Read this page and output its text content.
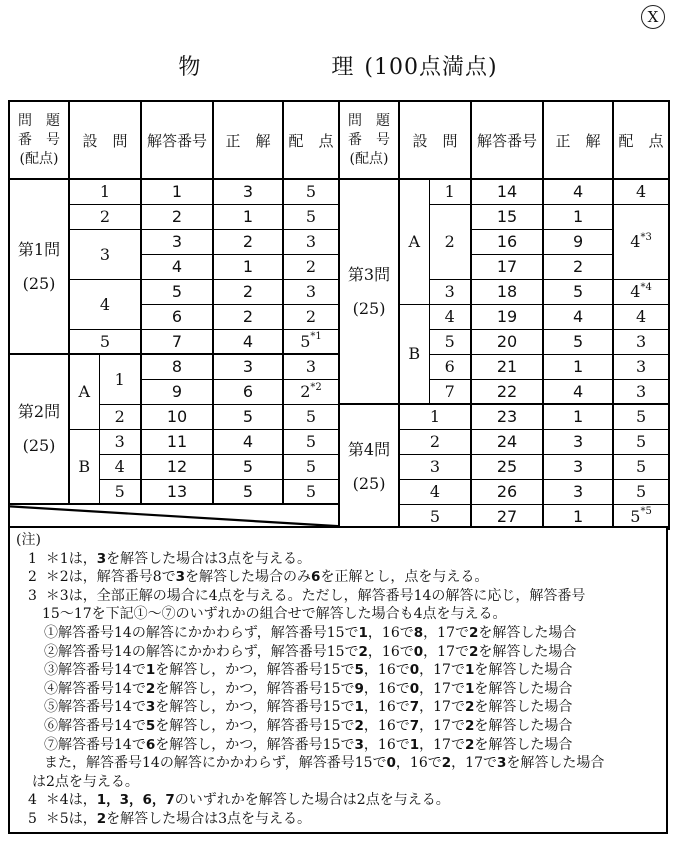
X
物	理 (100点満点)
問　題
番　号
(配点)	設　問		解答番号	正　解	配　点

第1問
(25)	1		1	3	5
	2		2	1	5
	3		3	2	3
			4	1	2
	4		5	2	3
			6	2	2
	5		7	4	5$^{*1}$

第2問
(25)	A	1	8	3	3
			9	6	2$^{*2}$
		2	10	5	5
	B	3	11	4	5
		4	12	5	5
		5	13	5	5

問　題
番　号
(配点)	設　問		解答番号	正　解	配　点

第3問
(25)	A	1	14	4	4
		2	15	1	4$^{*3}$
			16	9	
			17	2	
		3	18	5	4$^{*4}$
	B	4	19	4	4
		5	20	5	3
		6	21	1	3
		7	22	4	3

第4問
(25)	1		23	1	5
	2		24	3	5
	3		25	3	5
	4		26	3	5
	5		27	1	5$^{*5}$
(注)
1  ＊1は，3を解答した場合は3点を与える。
2  ＊2は，解答番号8で3を解答した場合のみ6を正解とし，点を与える。
3  ＊3は，全部正解の場合に4点を与える。ただし，解答番号14の解答に応じ，解答番号
15〜17を下記①〜⑦のいずれかの組合せで解答した場合も4点を与える。
①解答番号14の解答にかかわらず，解答番号15で1，16で8，17で2を解答した場合
②解答番号14の解答にかかわらず，解答番号15で2，16で0，17で2を解答した場合
③解答番号14で1を解答し，かつ，解答番号15で5，16で0，17で1を解答した場合
④解答番号14で2を解答し，かつ，解答番号15で9，16で0，17で1を解答した場合
⑤解答番号14で3を解答し，かつ，解答番号15で1，16で7，17で2を解答した場合
⑥解答番号14で5を解答し，かつ，解答番号15で2，16で7，17で2を解答した場合
⑦解答番号14で6を解答し，かつ，解答番号15で3，16で1，17で2を解答した場合
また，解答番号14の解答にかかわらず，解答番号15で0，16で2，17で3を解答した場合
は2点を与える。
4  ＊4は，1，3，6，7のいずれかを解答した場合は2点を与える。
5  ＊5は，2を解答した場合は3点を与える。
